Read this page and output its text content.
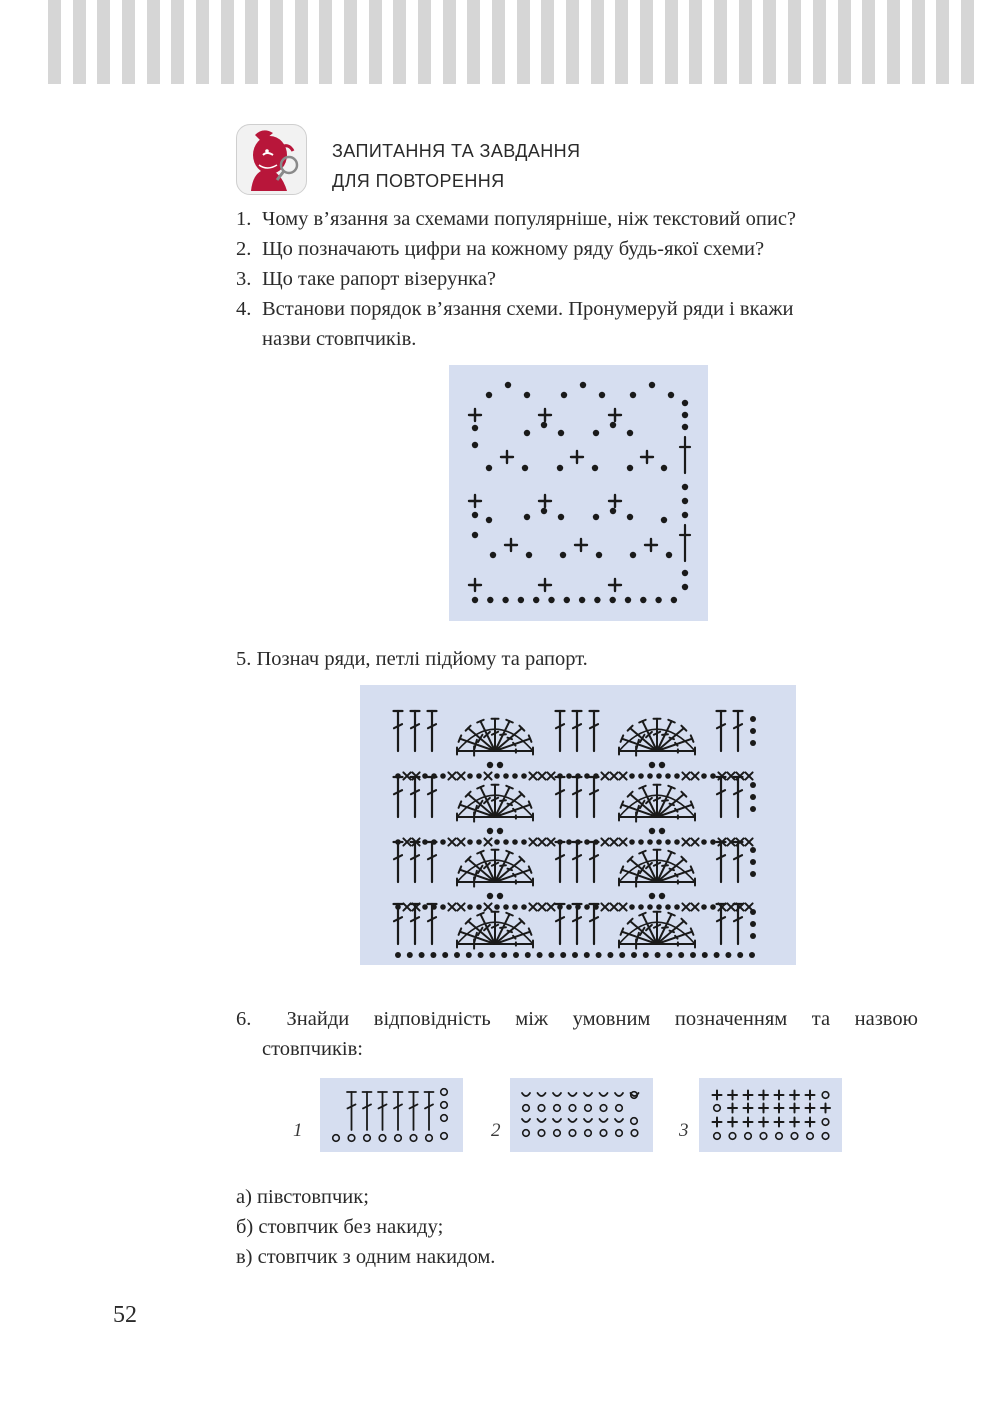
ЗАПИТАННЯ ТА ЗАВДАННЯ
ДЛЯ ПОВТОРЕННЯ
1. Чому в’язання за схемами популярніше, ніж текстовий опис?
2. Що позначають цифри на кожному ряду будь-якої схеми?
3. Що таке рапорт візерунка?
4. Встанови порядок в’язання схеми. Пронумеруй ряди і вкажи
назви стовпчиків.
5. Познач ряди, петлі підйому та рапорт.
6.	Знайди відповідність між умовним позначенням та назвою
стовпчиків:
1	2	3
а) півстовпчик;
б) стовпчик без накиду;
в) стовпчик з одним накидом.
52
